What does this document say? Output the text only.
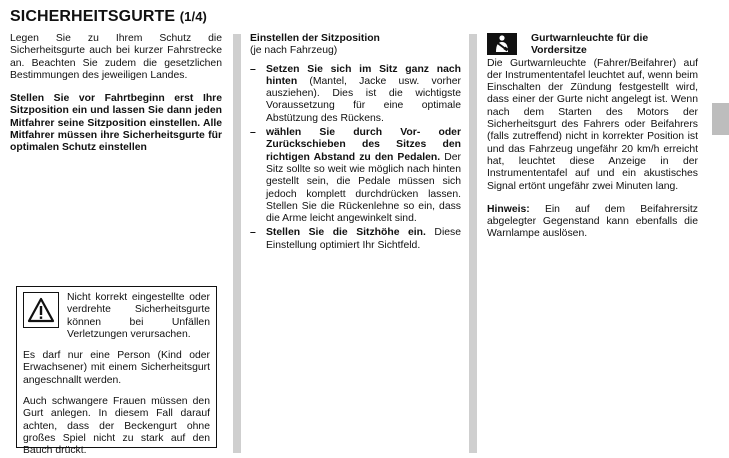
SICHERHEITSGURTE (1/4)

Legen Sie zu Ihrem Schutz die Sicherheitsgurte auch bei kurzer Fahrstrecke an. Beachten Sie zudem die gesetzlichen Bestimmungen des jeweiligen Landes.

Stellen Sie vor Fahrtbeginn erst Ihre Sitzposition ein und lassen Sie dann jeden Mitfahrer seine Sitzposition einstellen. Alle Mitfahrer müssen ihre Sicherheitsgurte für optimalen Schutz einstellen

Nicht korrekt eingestellte oder verdrehte Sicherheitsgurte können bei Unfällen Verletzungen verursachen.

Es darf nur eine Person (Kind oder Erwachsener) mit einem Sicherheitsgurt angeschnallt werden.

Auch schwangere Frauen müssen den Gurt anlegen. In diesem Fall darauf achten, dass der Beckengurt ohne großes Spiel nicht zu stark auf den Bauch drückt.

Einstellen der Sitzposition
(je nach Fahrzeug)
– Setzen Sie sich im Sitz ganz nach hinten (Mantel, Jacke usw. vorher ausziehen). Dies ist die wichtigste Voraussetzung für eine optimale Abstützung des Rückens.
– wählen Sie durch Vor- oder Zurückschieben des Sitzes den richtigen Abstand zu den Pedalen. Der Sitz sollte so weit wie möglich nach hinten gestellt sein, die Pedale müssen sich jedoch komplett durchdrücken lassen. Stellen Sie die Rückenlehne so ein, dass die Arme leicht angewinkelt sind.
– Stellen Sie die Sitzhöhe ein. Diese Einstellung optimiert Ihr Sichtfeld.
Gurtwarnleuchte für die Vordersitze

Die Gurtwarnleuchte (Fahrer/Beifahrer) auf der Instrumententafel leuchtet auf, wenn beim Einschalten der Zündung festgestellt wird, dass einer der Gurte nicht angelegt ist. Wenn nach dem Starten des Motors der Sicherheitsgurt des Fahrers oder Beifahrers (falls zutreffend) nicht in korrekter Position ist und das Fahrzeug ungefähr 20 km/h erreicht hat, leuchtet diese Anzeige in der Instrumententafel auf und ein akustisches Signal ertönt ungefähr zwei Minuten lang.

Hinweis: Ein auf dem Beifahrersitz abgelegter Gegenstand kann ebenfalls die Warnlampe auslösen.
